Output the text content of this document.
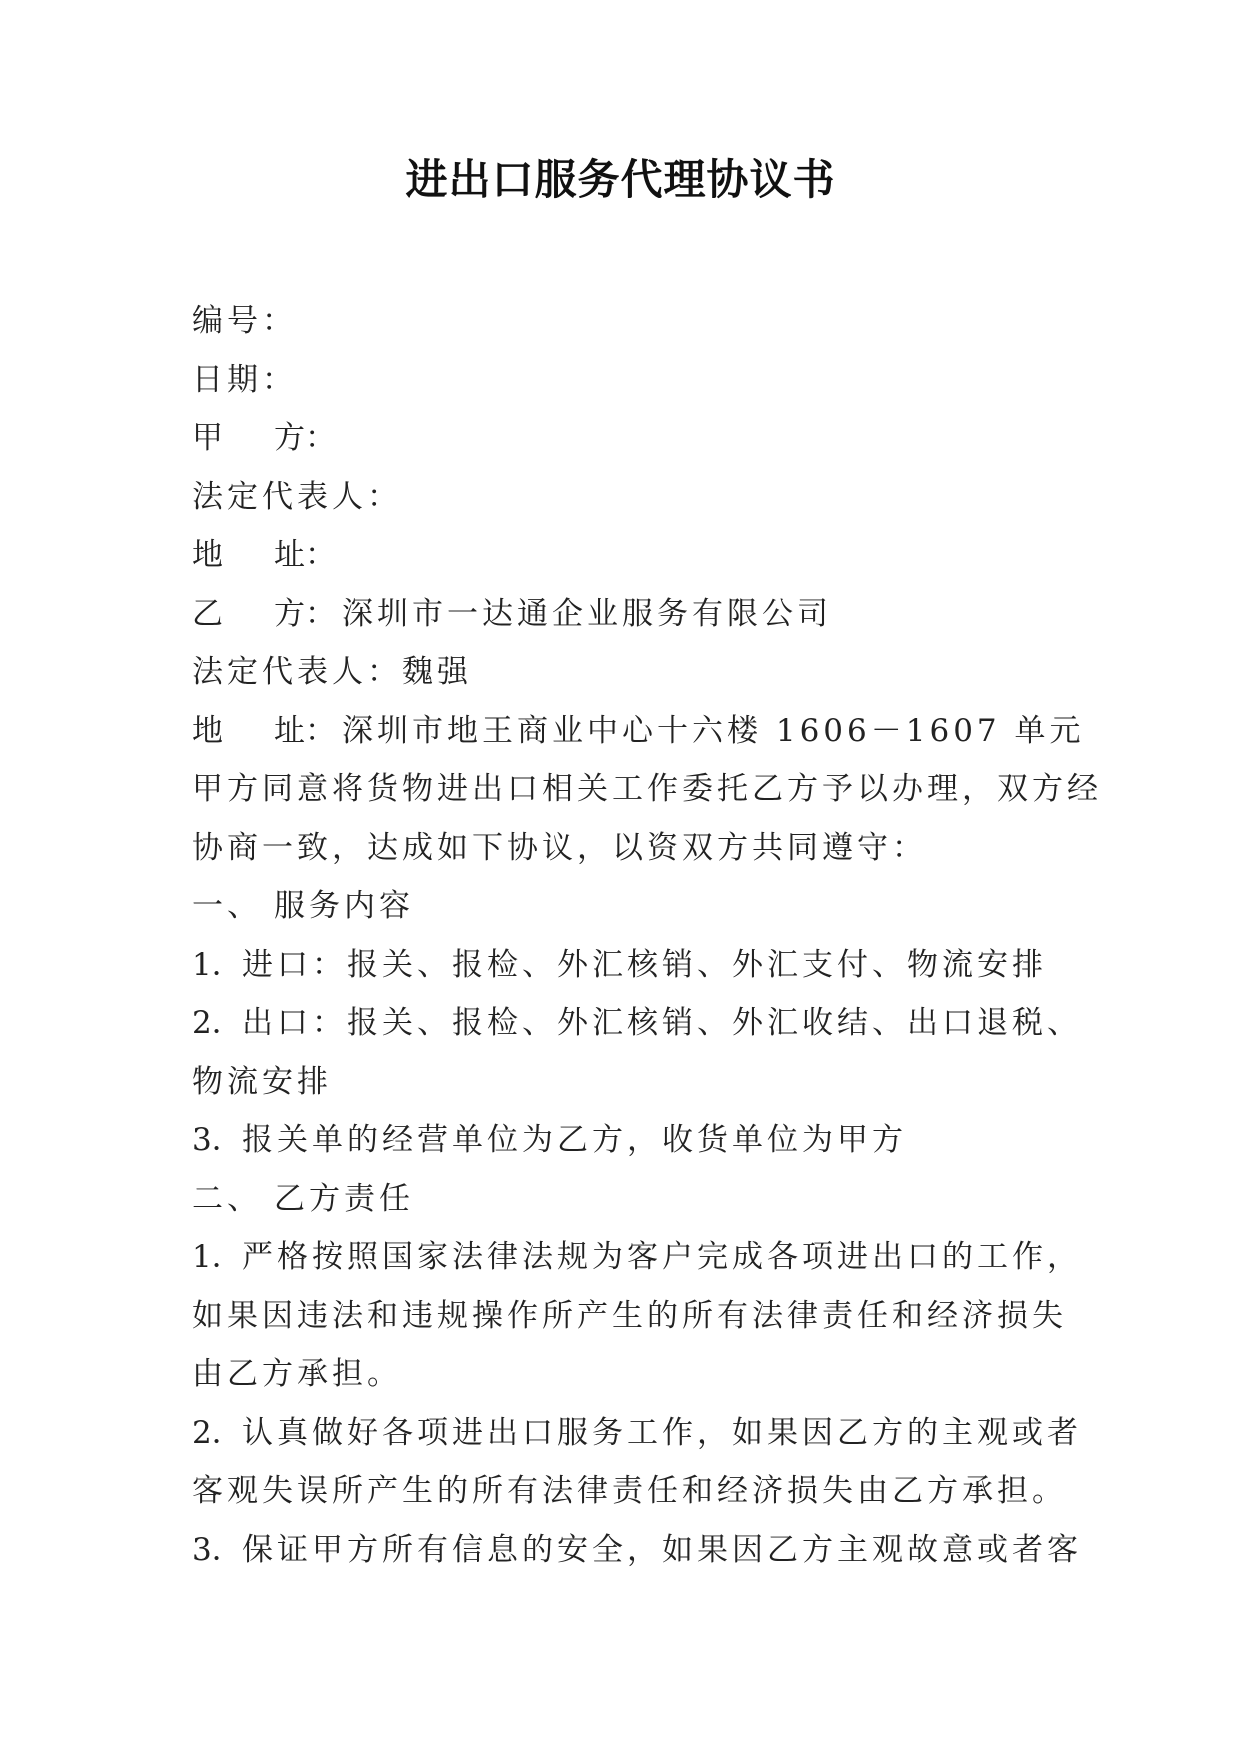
进出口服务代理协议书
编号：
日期：
甲 方：
法定代表人：
地 址：
乙 方： 深圳市一达通企业服务有限公司
法定代表人：魏强
地 址： 深圳市地王商业中心十六楼 1606－1607 单元
甲方同意将货物进出口相关工作委托乙方予以办理，双方经
协商一致，达成如下协议，以资双方共同遵守：
一、 服务内容
1．进口：报关、报检、外汇核销、外汇支付、物流安排
2．出口：报关、报检、外汇核销、外汇收结、出口退税、
物流安排
3．报关单的经营单位为乙方，收货单位为甲方
二、 乙方责任
1．严格按照国家法律法规为客户完成各项进出口的工作，
如果因违法和违规操作所产生的所有法律责任和经济损失
由乙方承担。
2．认真做好各项进出口服务工作，如果因乙方的主观或者
客观失误所产生的所有法律责任和经济损失由乙方承担。
3．保证甲方所有信息的安全，如果因乙方主观故意或者客
